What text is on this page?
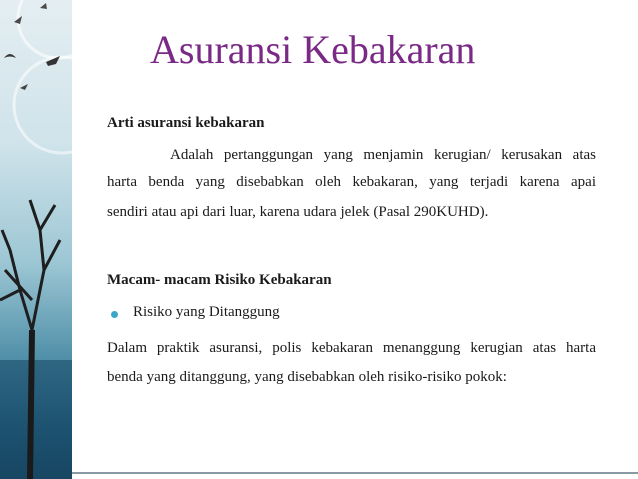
Asuransi Kebakaran
Arti asuransi kebakaran
Adalah pertanggungan yang menjamin kerugian/ kerusakan atas
harta benda yang disebabkan oleh kebakaran, yang terjadi karena apai
sendiri atau api dari luar, karena udara jelek (Pasal 290KUHD).
Macam- macam Risiko Kebakaran
Risiko yang Ditanggung
Dalam praktik asuransi, polis kebakaran menanggung kerugian atas harta
benda yang ditanggung, yang disebabkan oleh risiko-risiko pokok:
